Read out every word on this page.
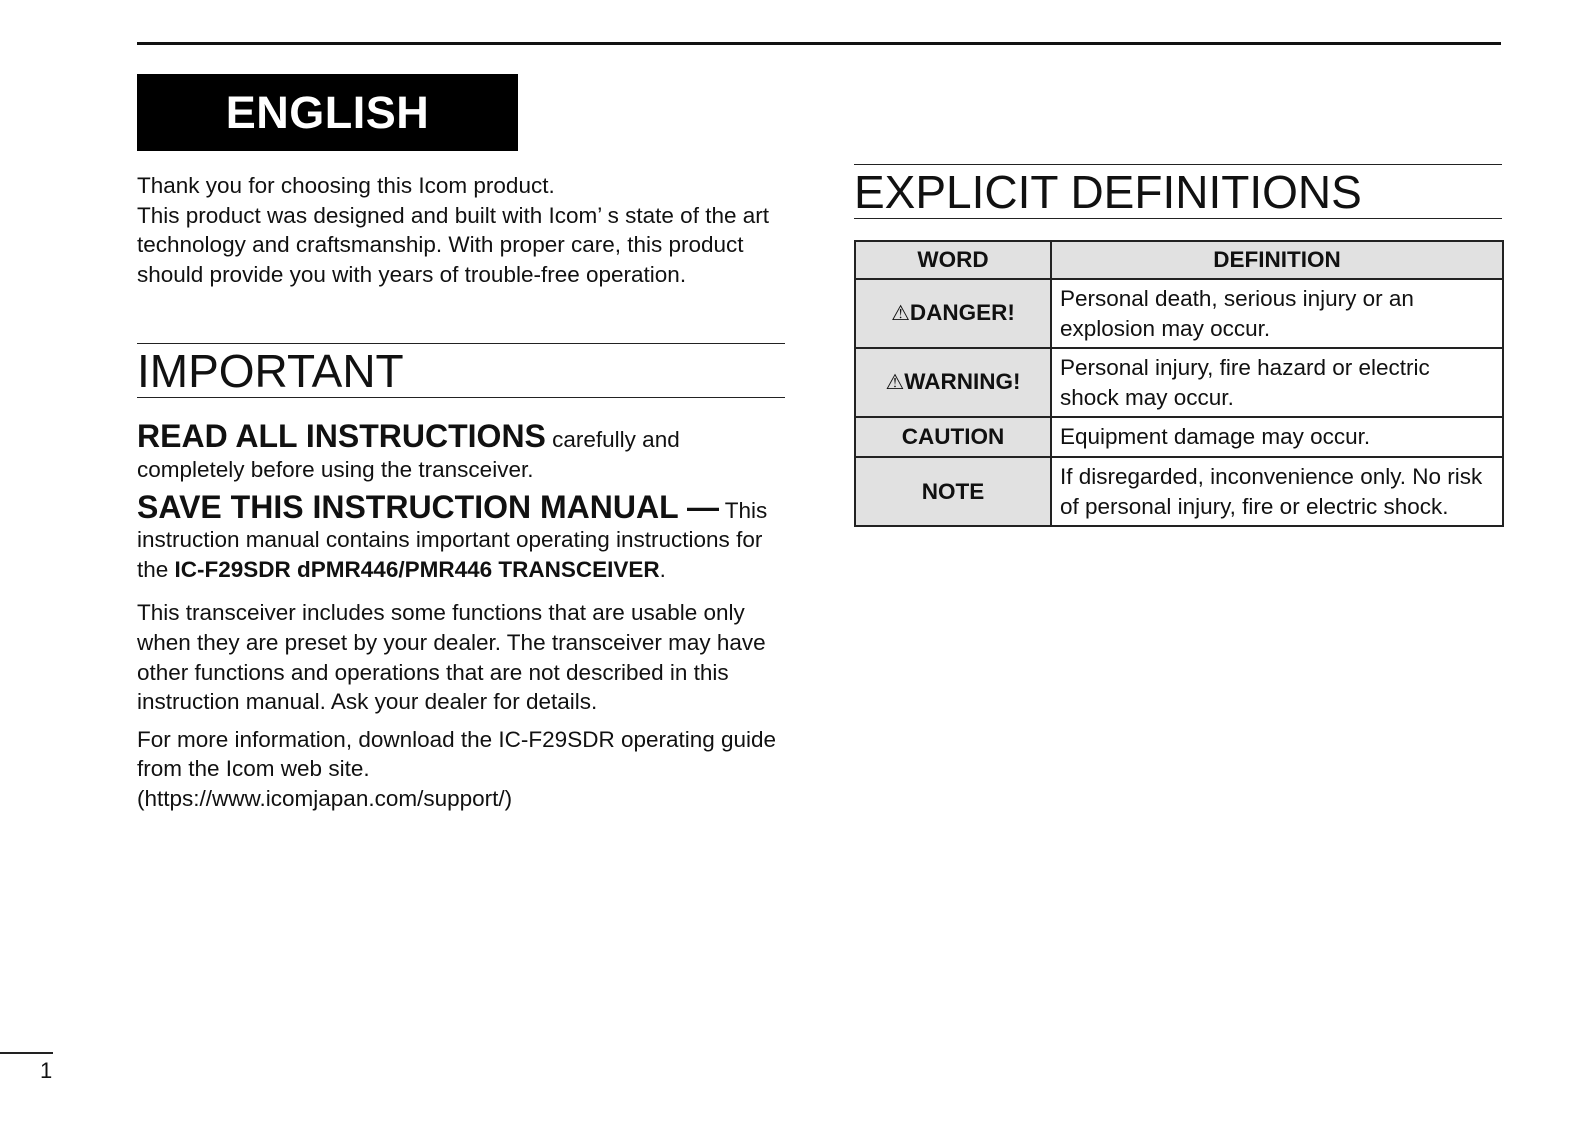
ENGLISH

Thank you for choosing this Icom product.
This product was designed and built with Icom’ s state of the art technology and craftsmanship. With proper care, this product should provide you with years of trouble-free operation.

IMPORTANT

READ ALL INSTRUCTIONS carefully and completely before using the transceiver.

SAVE THIS INSTRUCTION MANUAL — This instruction manual contains important operating instructions for the IC-F29SDR dPMR446/PMR446 TRANSCEIVER.

This transceiver includes some functions that are usable only when they are preset by your dealer. The transceiver may have other functions and operations that are not described in this instruction manual. Ask your dealer for details.

For more information, download the IC-F29SDR operating guide from the Icom web site.
(https://www.icomjapan.com/support/)

EXPLICIT DEFINITIONS
WORD	DEFINITION
⚠DANGER!	Personal death, serious injury or an explosion may occur.
⚠WARNING!	Personal injury, fire hazard or electric shock may occur.
CAUTION	Equipment damage may occur.
NOTE	If disregarded, inconvenience only. No risk of personal injury, fire or electric shock.
1
